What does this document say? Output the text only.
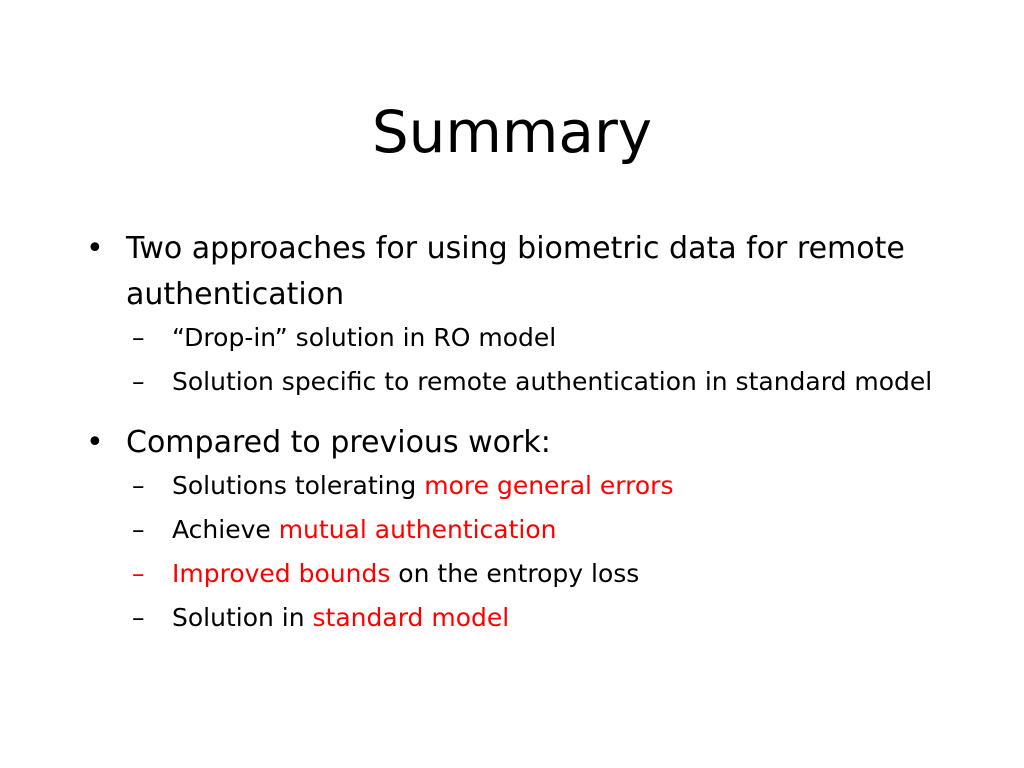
Summary
• Two approaches for using biometric data for remote authentication
– “Drop-in” solution in RO model
– Solution specific to remote authentication in standard model
• Compared to previous work:
– Solutions tolerating more general errors
– Achieve mutual authentication
– Improved bounds on the entropy loss
– Solution in standard model
